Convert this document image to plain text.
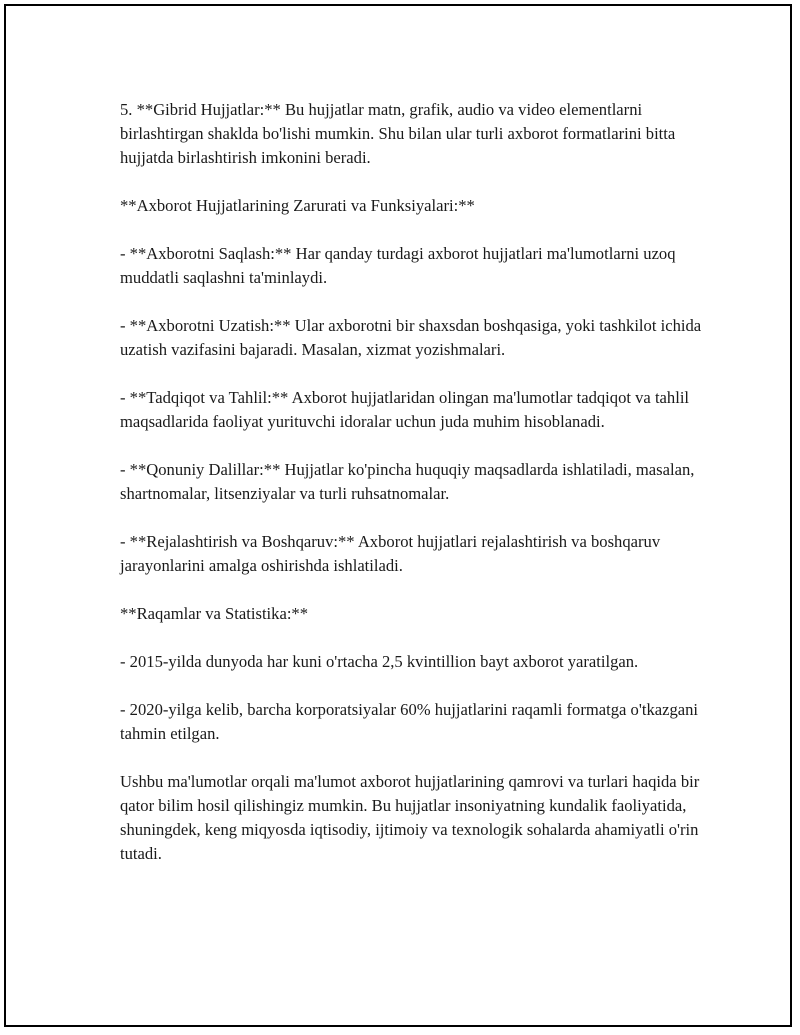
5. **Gibrid Hujjatlar:** Bu hujjatlar matn, grafik, audio va video elementlarni birlashtirgan shaklda bo'lishi mumkin. Shu bilan ular turli axborot formatlarini bitta hujjatda birlashtirish imkonini beradi.

**Axborot Hujjatlarining Zarurati va Funksiyalari:**

- **Axborotni Saqlash:** Har qanday turdagi axborot hujjatlari ma'lumotlarni uzoq muddatli saqlashni ta'minlaydi.

- **Axborotni Uzatish:** Ular axborotni bir shaxsdan boshqasiga, yoki tashkilot ichida uzatish vazifasini bajaradi. Masalan, xizmat yozishmalari.

- **Tadqiqot va Tahlil:** Axborot hujjatlaridan olingan ma'lumotlar tadqiqot va tahlil maqsadlarida faoliyat yurituvchi idoralar uchun juda muhim hisoblanadi.

- **Qonuniy Dalillar:** Hujjatlar ko'pincha huquqiy maqsadlarda ishlatiladi, masalan, shartnomalar, litsenziyalar va turli ruhsatnomalar.

- **Rejalashtirish va Boshqaruv:** Axborot hujjatlari rejalashtirish va boshqaruv jarayonlarini amalga oshirishda ishlatiladi.

**Raqamlar va Statistika:**

- 2015-yilda dunyoda har kuni o'rtacha 2,5 kvintillion bayt axborot yaratilgan.

- 2020-yilga kelib, barcha korporatsiyalar 60% hujjatlarini raqamli formatga o'tkazgani tahmin etilgan.

Ushbu ma'lumotlar orqali ma'lumot axborot hujjatlarining qamrovi va turlari haqida bir qator bilim hosil qilishingiz mumkin. Bu hujjatlar insoniyatning kundalik faoliyatida, shuningdek, keng miqyosda iqtisodiy, ijtimoiy va texnologik sohalarda ahamiyatli o'rin tutadi.
